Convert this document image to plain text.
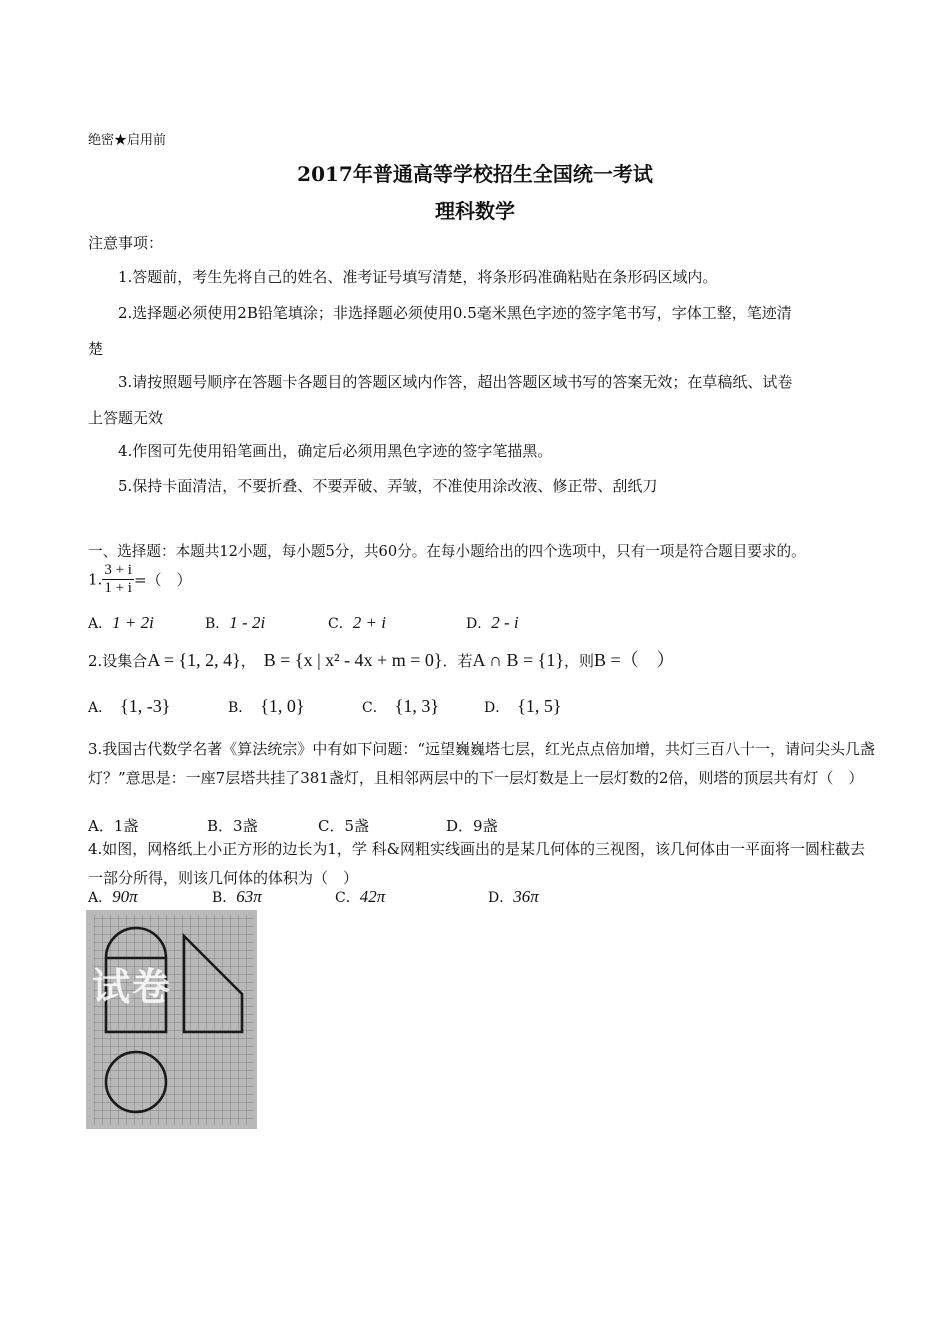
绝密★启用前
2017年普通高等学校招生全国统一考试
理科数学
注意事项：
1.答题前，考生先将自己的姓名、准考证号填写清楚，将条形码准确粘贴在条形码区域内。
2.选择题必须使用2B铅笔填涂；非选择题必须使用0.5毫米黑色字迹的签字笔书写，字体工整，笔迹清
楚
3.请按照题号顺序在答题卡各题目的答题区域内作答，超出答题区域书写的答案无效；在草稿纸、试卷
上答题无效
4.作图可先使用铅笔画出，确定后必须用黑色字迹的签字笔描黑。
5.保持卡面清洁，不要折叠、不要弄破、弄皱，不准使用涂改液、修正带、刮纸刀
一、选择题：本题共12小题，每小题5分，共60分。在每小题给出的四个选项中，只有一项是符合题目要求的。
1. $\frac{3 + i}{1 + i}$ =（　）
A．1 + 2i	B．1 - 2i	C．2 + i	D．2 - i
2.设集合A = {1, 2, 4}， B = {x | x² - 4x + m = 0}．若A ∩ B = {1}，则B =（　）
A． {1, -3}	B． {1, 0}	C． {1, 3}	D． {1, 5}
3.我国古代数学名著《算法统宗》中有如下问题：“远望巍巍塔七层，红光点点倍加增，共灯三百八十一，请问尖头几盏灯？”意思是：一座7层塔共挂了381盏灯，且相邻两层中的下一层灯数是上一层灯数的2倍，则塔的顶层共有灯（　）
A．1盏	B．3盏	C．5盏	D．9盏
4.如图，网格纸上小正方形的边长为1，学 科&网粗实线画出的是某几何体的三视图，该几何体由一平面将一圆柱截去一部分所得，则该几何体的体积为（　）
A．90π	B．63π	C．42π	D．36π
试卷
